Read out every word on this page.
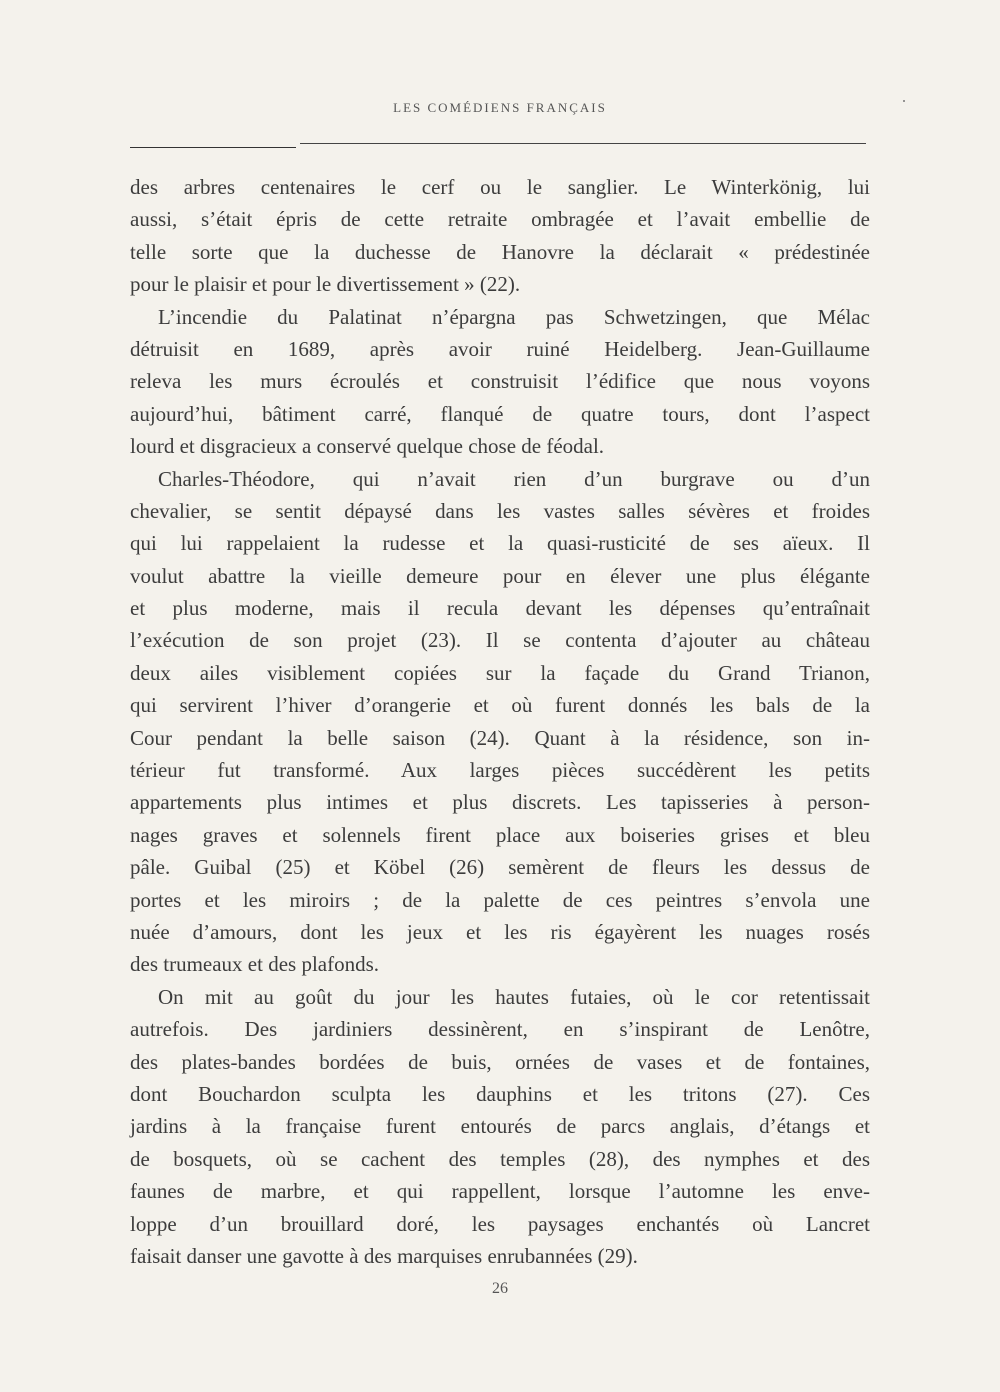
LES COMÉDIENS FRANÇAIS
des arbres centenaires le cerf ou le sanglier. Le Winterkönig, lui
aussi, s’était épris de cette retraite ombragée et l’avait embellie de
telle sorte que la duchesse de Hanovre la déclarait « prédestinée
pour le plaisir et pour le divertissement » (22).
L’incendie du Palatinat n’épargna pas Schwetzingen, que Mélac
détruisit en 1689, après avoir ruiné Heidelberg. Jean-Guillaume
releva les murs écroulés et construisit l’édifice que nous voyons
aujourd’hui, bâtiment carré, flanqué de quatre tours, dont l’aspect
lourd et disgracieux a conservé quelque chose de féodal.
Charles-Théodore, qui n’avait rien d’un burgrave ou d’un
chevalier, se sentit dépaysé dans les vastes salles sévères et froides
qui lui rappelaient la rudesse et la quasi-rusticité de ses aïeux. Il
voulut abattre la vieille demeure pour en élever une plus élégante
et plus moderne, mais il recula devant les dépenses qu’entraînait
l’exécution de son projet (23). Il se contenta d’ajouter au château
deux ailes visiblement copiées sur la façade du Grand Trianon,
qui servirent l’hiver d’orangerie et où furent donnés les bals de la
Cour pendant la belle saison (24). Quant à la résidence, son in-
térieur fut transformé. Aux larges pièces succédèrent les petits
appartements plus intimes et plus discrets. Les tapisseries à person-
nages graves et solennels firent place aux boiseries grises et bleu
pâle. Guibal (25) et Köbel (26) semèrent de fleurs les dessus de
portes et les miroirs ; de la palette de ces peintres s’envola une
nuée d’amours, dont les jeux et les ris égayèrent les nuages rosés
des trumeaux et des plafonds.
On mit au goût du jour les hautes futaies, où le cor retentissait
autrefois. Des jardiniers dessinèrent, en s’inspirant de Lenôtre,
des plates-bandes bordées de buis, ornées de vases et de fontaines,
dont Bouchardon sculpta les dauphins et les tritons (27). Ces
jardins à la française furent entourés de parcs anglais, d’étangs et
de bosquets, où se cachent des temples (28), des nymphes et des
faunes de marbre, et qui rappellent, lorsque l’automne les enve-
loppe d’un brouillard doré, les paysages enchantés où Lancret
faisait danser une gavotte à des marquises enrubannées (29).
26
